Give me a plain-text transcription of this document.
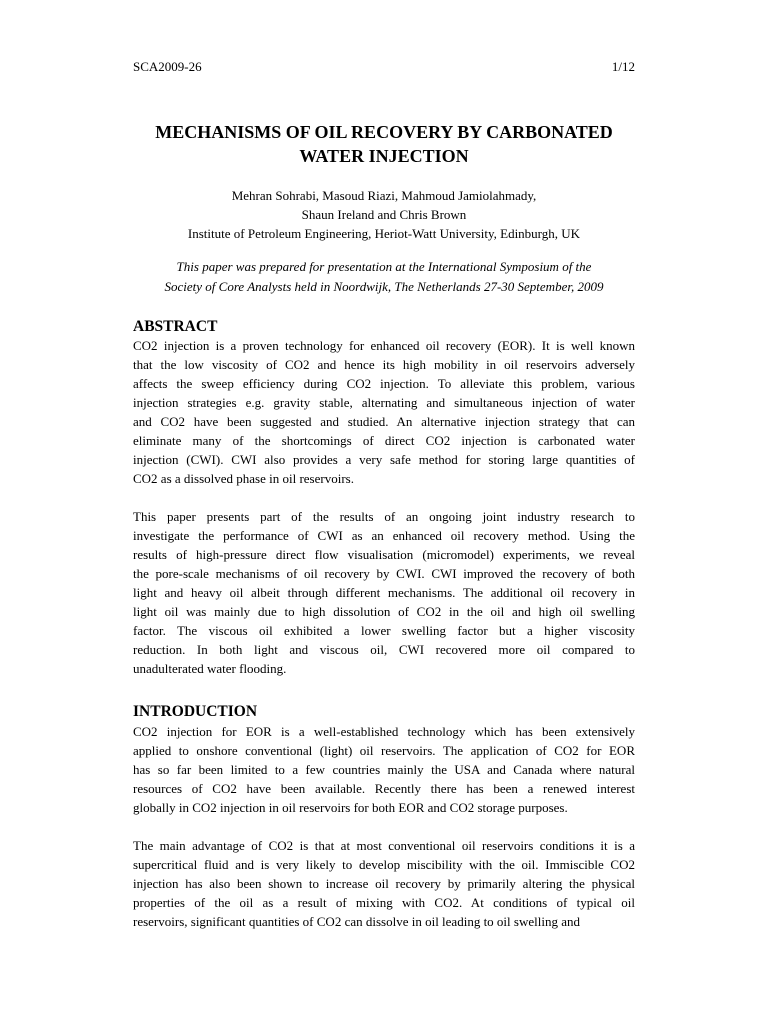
SCA2009-26	1/12
MECHANISMS OF OIL RECOVERY BY CARBONATED
WATER INJECTION
Mehran Sohrabi, Masoud Riazi, Mahmoud Jamiolahmady,
Shaun Ireland and Chris Brown
Institute of Petroleum Engineering, Heriot-Watt University, Edinburgh, UK
This paper was prepared for presentation at the International Symposium of the
Society of Core Analysts held in Noordwijk, The Netherlands 27-30 September, 2009
ABSTRACT
CO2 injection is a proven technology for enhanced oil recovery (EOR). It is well known
that the low viscosity of CO2 and hence its high mobility in oil reservoirs adversely
affects the sweep efficiency during CO2 injection. To alleviate this problem, various
injection strategies e.g. gravity stable, alternating and simultaneous injection of water
and CO2 have been suggested and studied. An alternative injection strategy that can
eliminate many of the shortcomings of direct CO2 injection is carbonated water
injection (CWI). CWI also provides a very safe method for storing large quantities of
CO2 as a dissolved phase in oil reservoirs.
This paper presents part of the results of an ongoing joint industry research to
investigate the performance of CWI as an enhanced oil recovery method. Using the
results of high-pressure direct flow visualisation (micromodel) experiments, we reveal
the pore-scale mechanisms of oil recovery by CWI. CWI improved the recovery of both
light and heavy oil albeit through different mechanisms. The additional oil recovery in
light oil was mainly due to high dissolution of CO2 in the oil and high oil swelling
factor. The viscous oil exhibited a lower swelling factor but a higher viscosity
reduction. In both light and viscous oil, CWI recovered more oil compared to
unadulterated water flooding.
INTRODUCTION
CO2 injection for EOR is a well-established technology which has been extensively
applied to onshore conventional (light) oil reservoirs. The application of CO2 for EOR
has so far been limited to a few countries mainly the USA and Canada where natural
resources of CO2 have been available. Recently there has been a renewed interest
globally in CO2 injection in oil reservoirs for both EOR and CO2 storage purposes.
The main advantage of CO2 is that at most conventional oil reservoirs conditions it is a
supercritical fluid and is very likely to develop miscibility with the oil. Immiscible CO2
injection has also been shown to increase oil recovery by primarily altering the physical
properties of the oil as a result of mixing with CO2. At conditions of typical oil
reservoirs, significant quantities of CO2 can dissolve in oil leading to oil swelling and
